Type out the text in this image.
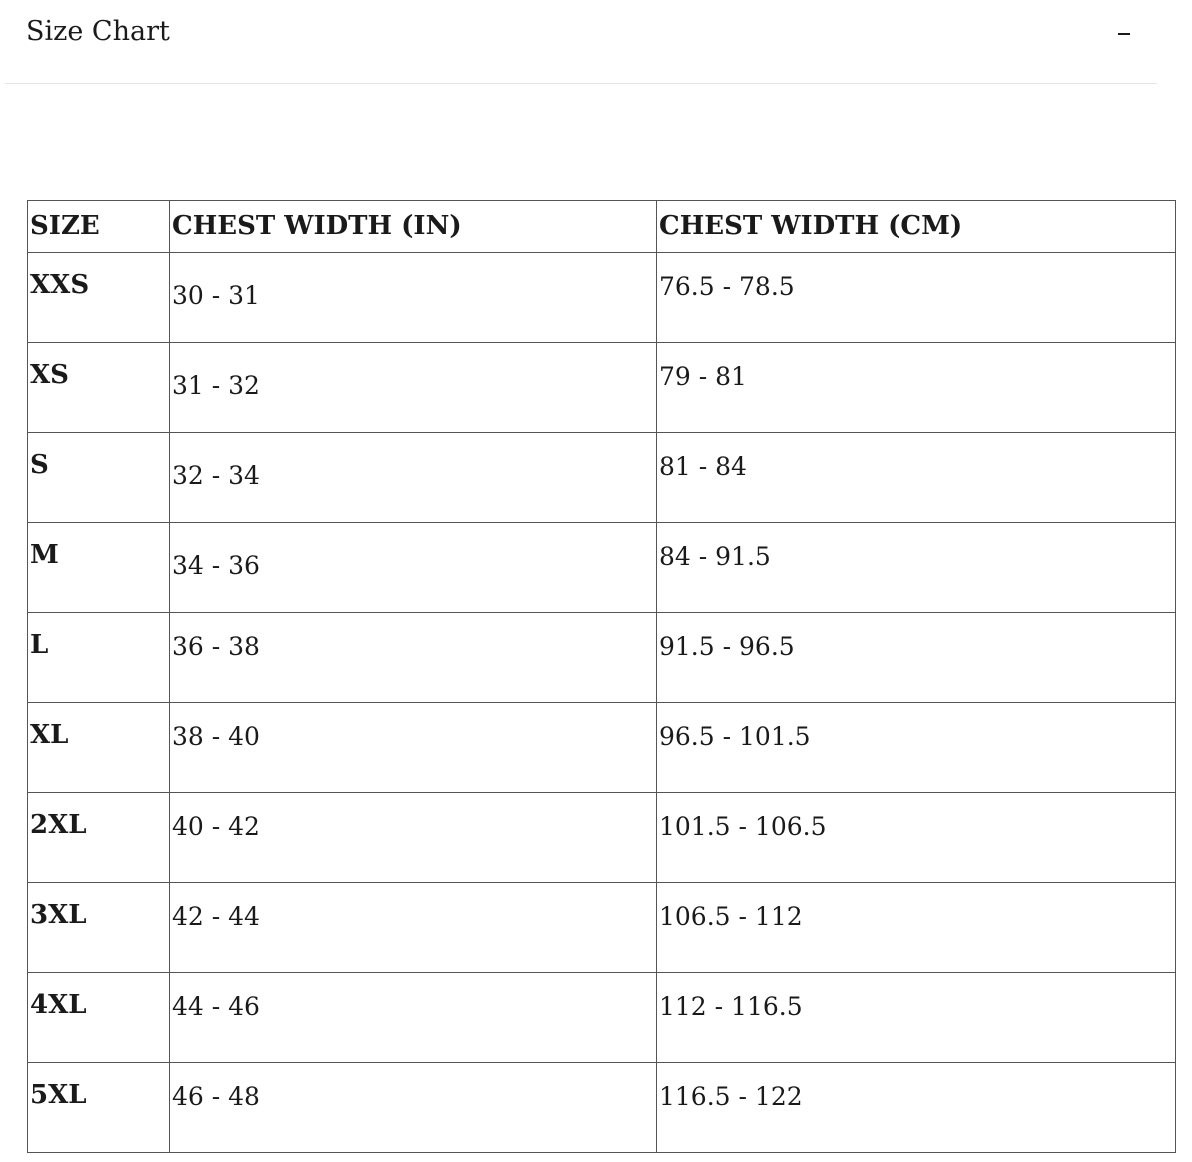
Size Chart
SIZE	CHEST WIDTH (IN)	CHEST WIDTH (CM)
XXS	30 - 31	76.5 - 78.5
XS	31 - 32	79 - 81
S	32 - 34	81 - 84
M	34 - 36	84 - 91.5
L	36 - 38	91.5 - 96.5
XL	38 - 40	96.5 - 101.5
2XL	40 - 42	101.5 - 106.5
3XL	42 - 44	106.5 - 112
4XL	44 - 46	112 - 116.5
5XL	46 - 48	116.5 - 122
